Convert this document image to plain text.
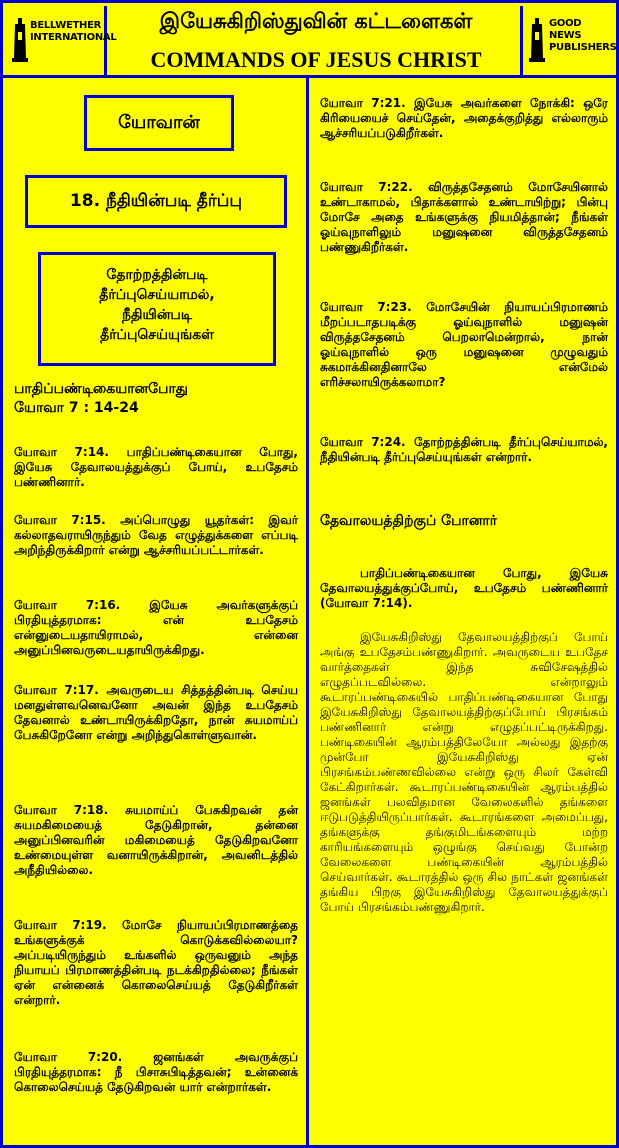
BELLWETHER INTERNATIONAL
இயேசுகிறிஸ்துவின் கட்டளைகள்
COMMANDS OF JESUS CHRIST
GOOD NEWS PUBLISHERS
யோவான்
18. நீதியின்படி தீர்ப்பு
தோற்றத்தின்படி
தீர்ப்புசெய்யாமல்,
நீதியின்படி
தீர்ப்புசெய்யுங்கள்
பாதிப்பண்டிகையானபோது
யோவா 7 : 14-24
யோவா 7:14. பாதிப்பண்டிகையான போது, இயேசு தேவாலயத்துக்குப் போய், உபதேசம் பண்ணினார்.
யோவா 7:15. அப்பொழுது யூதர்கள்: இவர் கல்லாதவராயிருந்தும் வேத எழுத்துக்களை எப்படி அறிந்திருக்கிறார் என்று ஆச்சரியப்பட்டார்கள்.
யோவா 7:16. இயேசு அவர்களுக்குப் பிரதியுத்தரமாக: என் உபதேசம் என்னுடையதாயிராமல், என்னை அனுப்பினவருடையதாயிருக்கிறது.
யோவா 7:17. அவருடைய சித்தத்தின்படி செய்ய மனதுள்ளவனெவனோ அவன் இந்த உபதேசம் தேவனால் உண்டாயிருக்கிறதோ, நான் சுயமாய்ப் பேசுகிறேனோ என்று அறிந்துகொள்ளுவான்.
யோவா 7:18. சுயமாய்ப் பேசுகிறவன் தன் சுயமகிமையைத் தேடுகிறான், தன்னை அனுப்பினவரின் மகிமையைத் தேடுகிறவனோ உண்மையுள்ள வனாயிருக்கிறான், அவனிடத்தில் அநீதியில்லை.
யோவா 7:19. மோசே நியாயப்பிரமாணத்தை உங்களுக்குக் கொடுக்கவில்லையா? அப்படியிருந்தும் உங்களில் ஒருவனும் அந்த நியாயப் பிரமாணத்தின்படி நடக்கிறதில்லை; நீங்கள் ஏன் என்னைக் கொலைசெய்யத் தேடுகிறீர்கள் என்றார்.
யோவா 7:20. ஜனங்கள் அவருக்குப் பிரதியுத்தரமாக: நீ பிசாசுபிடித்தவன்; உன்னைக் கொலைசெய்யத் தேடுகிறவன் யார் என்றார்கள்.
யோவா 7:21. இயேசு அவர்களை நோக்கி: ஒரே கிரியையைச் செய்தேன், அதைக்குறித்து எல்லாரும் ஆச்சரியப்படுகிறீர்கள்.
யோவா 7:22. விருத்தசேதனம் மோசேயினால் உண்டாகாமல், பிதாக்களால் உண்டாயிற்று; பின்பு மோசே அதை உங்களுக்கு நியமித்தான்; நீங்கள் ஓய்வுநாளிலும் மனுஷனை விருத்தசேதனம் பண்ணுகிறீர்கள்.
யோவா 7:23. மோசேயின் நியாயப்பிரமாணம் மீறப்படாதபடிக்கு ஓய்வுநாளில் மனுஷன் விருத்தசேதனம் பெறலாமென்றால், நான் ஓய்வுநாளில் ஒரு மனுஷனை முழுவதும் சுகமாக்கினதினாலே என்மேல் எரிச்சலாயிருக்கலாமா?
யோவா 7:24. தோற்றத்தின்படி தீர்ப்புசெய்யாமல், நீதியின்படி தீர்ப்புசெய்யுங்கள் என்றார்.
தேவாலயத்திற்குப் போனார்
பாதிப்பண்டிகையான போது, இயேசு தேவாலயத்துக்குப்போய், உபதேசம் பண்ணினார் (யோவா 7:14).
இயேசுகிறிஸ்து தேவாலயத்திற்குப் போய் அங்கு உபதேசம்பண்ணுகிறார். அவருடைய உபதேச வார்த்தைகள் இந்த சுவிசேஷத்தில் எழுதப்படவில்லை. என்றாலும் கூடாரப்பண்டிகையில் பாதிப்பண்டிகையான போது இயேசுகிறிஸ்து தேவாலயத்திற்குப்போய் பிரசங்கம் பண்ணினார் என்று எழுதப்பட்டிருக்கிறது. பண்டிகையின் ஆரம்பத்திலேயோ அல்லது இதற்கு முன்போ இயேசுகிறிஸ்து ஏன் பிரசங்கம்பண்ணவில்லை என்று ஒரு சிலர் கேள்வி கேட்கிறார்கள். கூடாரப்பண்டிகையின் ஆரம்பத்தில் ஜனங்கள் பலவிதமான வேலைகளில் தங்களை ஈடுபடுத்தியிருப்பார்கள். கூடாரங்களை அமைப்பது, தங்களுக்கு தங்குமிடங்களையும் மற்ற காரியங்களையும் ஒழுங்கு செய்வது போன்ற வேலைகளை பண்டிகையின் ஆரம்பத்தில் செய்வார்கள். கூடாரத்தில் ஒரு சில நாட்கள் ஜனங்கள் தங்கிய பிறகு இயேசுகிறிஸ்து தேவாலயத்துக்குப் போய் பிரசங்கம்பண்ணுகிறார்.
